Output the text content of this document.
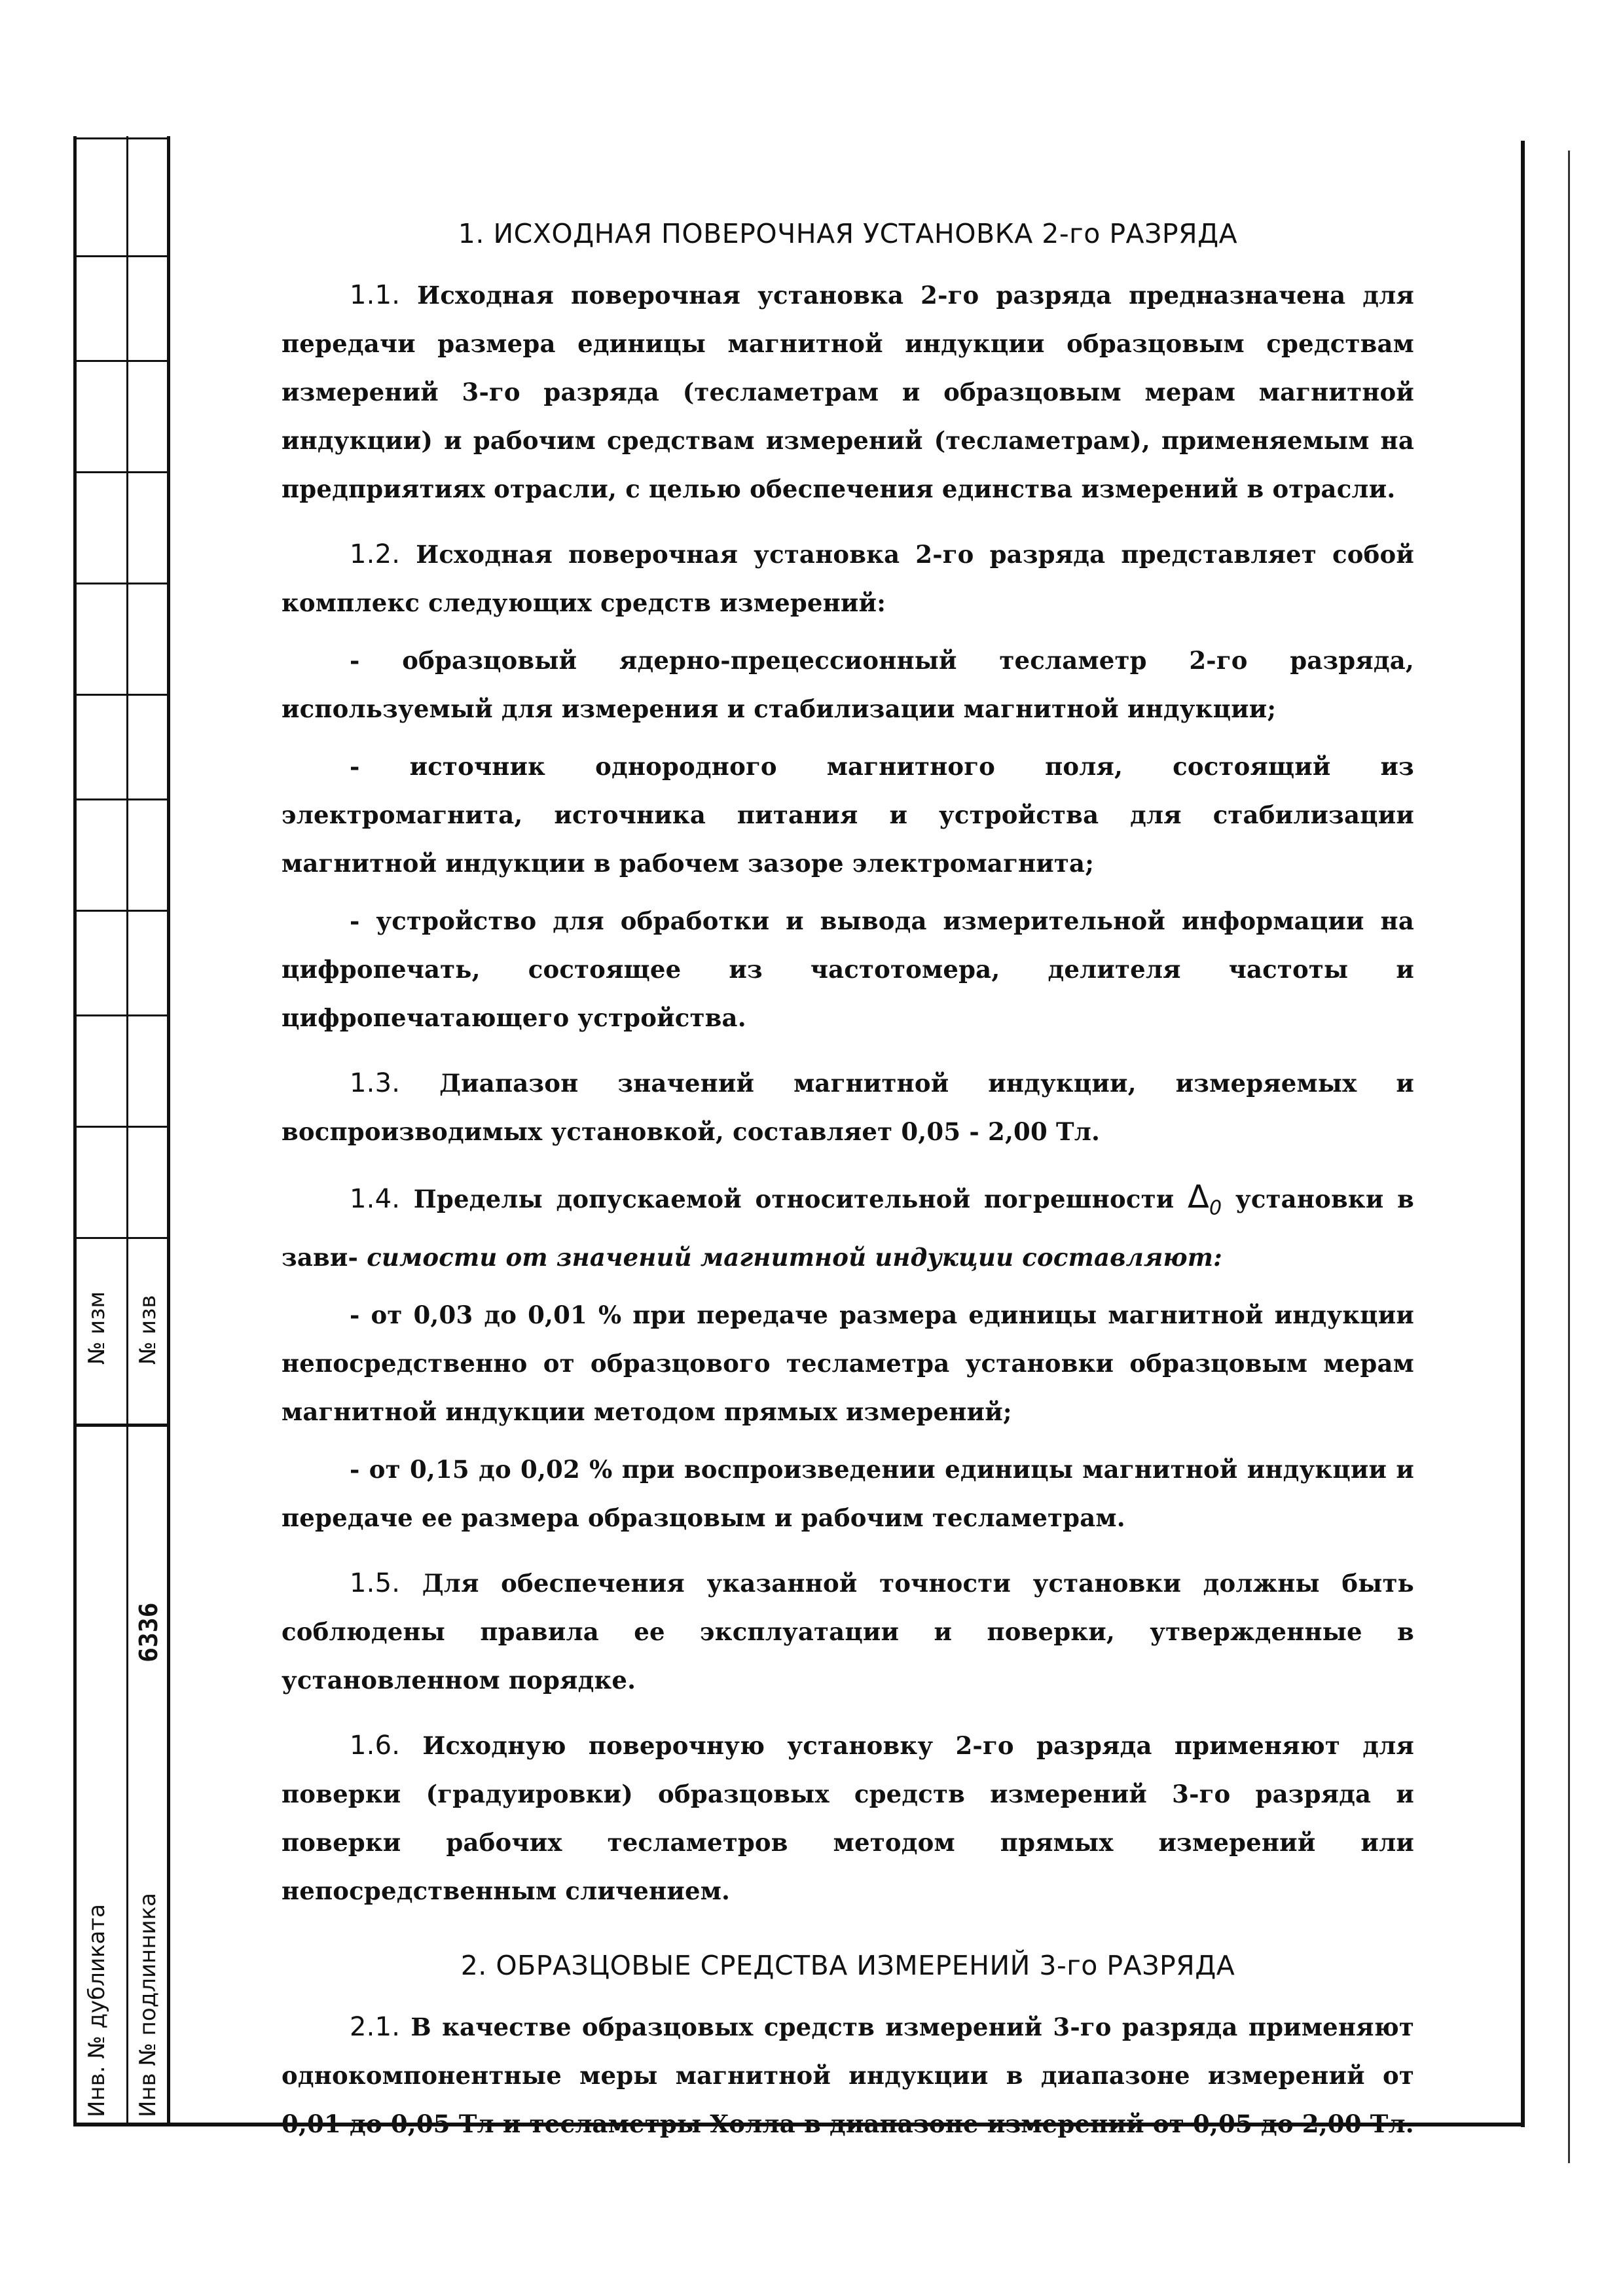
№ изм № изв
6336
Инв. № дубликата Инв № подлинника
1. ИСХОДНАЯ ПОВЕРОЧНАЯ УСТАНОВКА 2-го РАЗРЯДА

1.1. Исходная поверочная установка 2-го разряда предназначена для передачи размера единицы магнитной индукции образцовым средствам измерений 3-го разряда (тесламетрам и образцовым мерам магнитной индукции) и рабочим средствам измерений (тесламетрам), применяемым на предприятиях отрасли, с целью обеспечения единства измерений в отрасли.

1.2. Исходная поверочная установка 2-го разряда представляет собой комплекс следующих средств измерений:

- образцовый ядерно-прецессионный тесламетр 2-го разряда, используемый для измерения и стабилизации магнитной индукции;

- источник однородного магнитного поля, состоящий из электромагнита, источника питания и устройства для стабилизации магнитной индукции в рабочем зазоре электромагнита;

- устройство для обработки и вывода измерительной информации на цифропечать, состоящее из частотомера, делителя частоты и цифропечатающего устройства.

1.3. Диапазон значений магнитной индукции, измеряемых и воспроизводимых установкой, составляет 0,05 - 2,00 Тл.

1.4. Пределы допускаемой относительной погрешности $\Delta_0$ установки в зави- симости от значений магнитной индукции составляют:

- от 0,03 до 0,01 % при передаче размера единицы магнитной индукции непосредственно от образцового тесламетра установки образцовым мерам магнитной индукции методом прямых измерений;

- от 0,15 до 0,02 % при воспроизведении единицы магнитной индукции и передаче ее размера образцовым и рабочим тесламетрам.

1.5. Для обеспечения указанной точности установки должны быть соблюдены правила ее эксплуатации и поверки, утвержденные в установленном порядке.

1.6. Исходную поверочную установку 2-го разряда применяют для поверки (градуировки) образцовых средств измерений 3-го разряда и поверки рабочих тесламетров методом прямых измерений или непосредственным сличением.

2. ОБРАЗЦОВЫЕ СРЕДСТВА ИЗМЕРЕНИЙ 3-го РАЗРЯДА

2.1. В качестве образцовых средств измерений 3-го разряда применяют однокомпонентные меры магнитной индукции в диапазоне измерений от 0,01 до 0,05 Тл и тесламетры Холла в диапазоне измерений от 0,05 до 2,00 Тл.
